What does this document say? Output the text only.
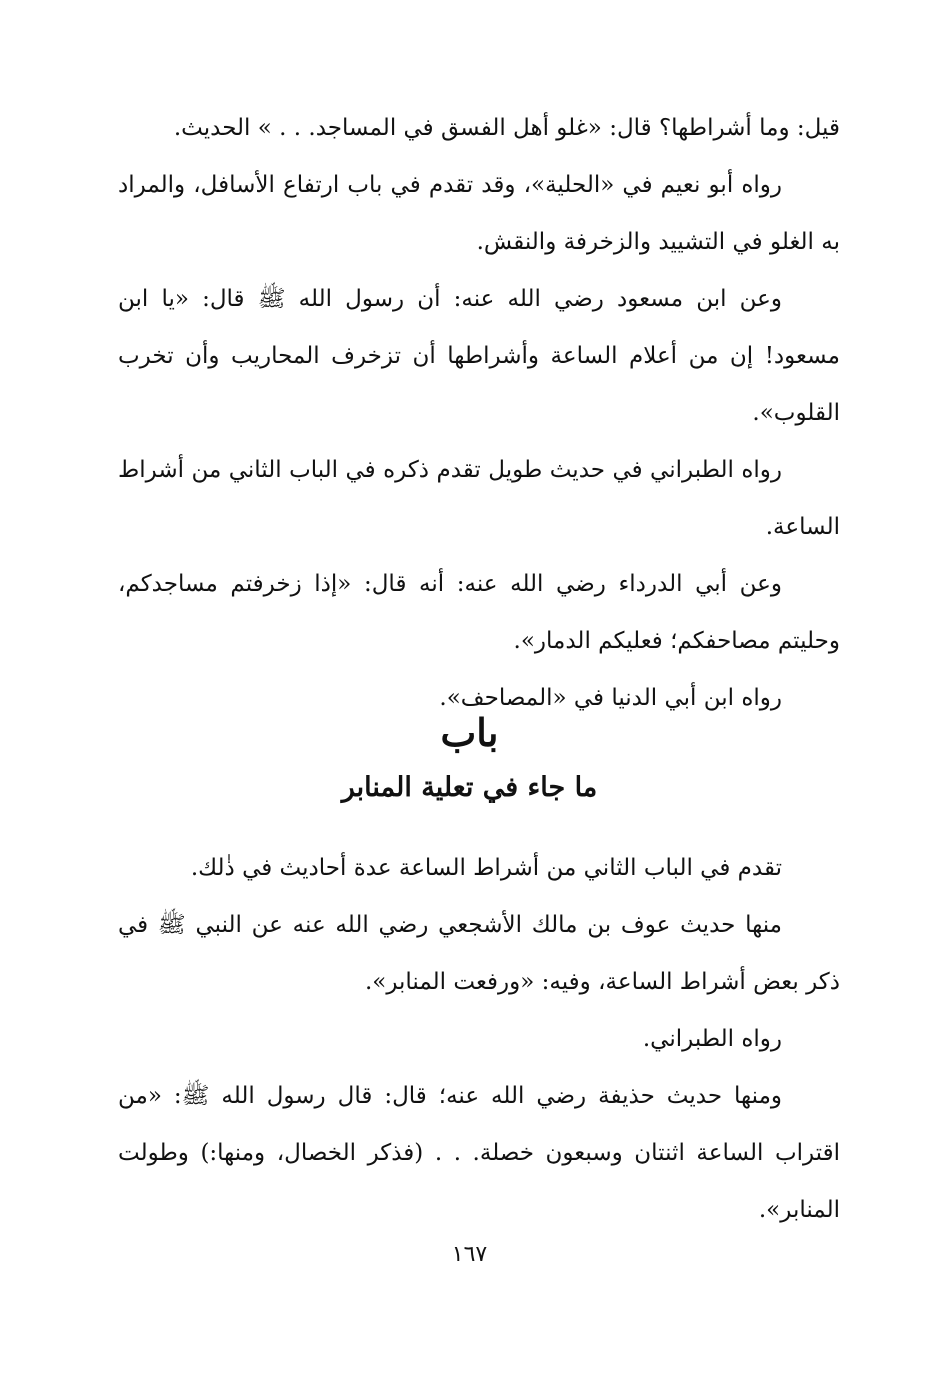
قيل: وما أشراطها؟ قال: «غلو أهل الفسق في المساجد. . . » الحديث.

رواه أبو نعيم في «الحلية»، وقد تقدم في باب ارتفاع الأسافل، والمراد به الغلو في التشييد والزخرفة والنقش.

وعن ابن مسعود رضي الله عنه: أن رسول الله ﷺ قال: «يا ابن مسعود! إن من أعلام الساعة وأشراطها أن تزخرف المحاريب وأن تخرب القلوب».

رواه الطبراني في حديث طويل تقدم ذكره في الباب الثاني من أشراط الساعة.

وعن أبي الدرداء رضي الله عنه: أنه قال: «إذا زخرفتم مساجدكم، وحليتم مصاحفكم؛ فعليكم الدمار».

رواه ابن أبي الدنيا في «المصاحف».

باب

ما جاء في تعلية المنابر

تقدم في الباب الثاني من أشراط الساعة عدة أحاديث في ذٰلك.

منها حديث عوف بن مالك الأشجعي رضي الله عنه عن النبي ﷺ في ذكر بعض أشراط الساعة، وفيه: «ورفعت المنابر».

رواه الطبراني.

ومنها حديث حذيفة رضي الله عنه؛ قال: قال رسول الله ﷺ: «من اقتراب الساعة اثنتان وسبعون خصلة. . . (فذكر الخصال، ومنها:) وطولت المنابر».

١٦٧
